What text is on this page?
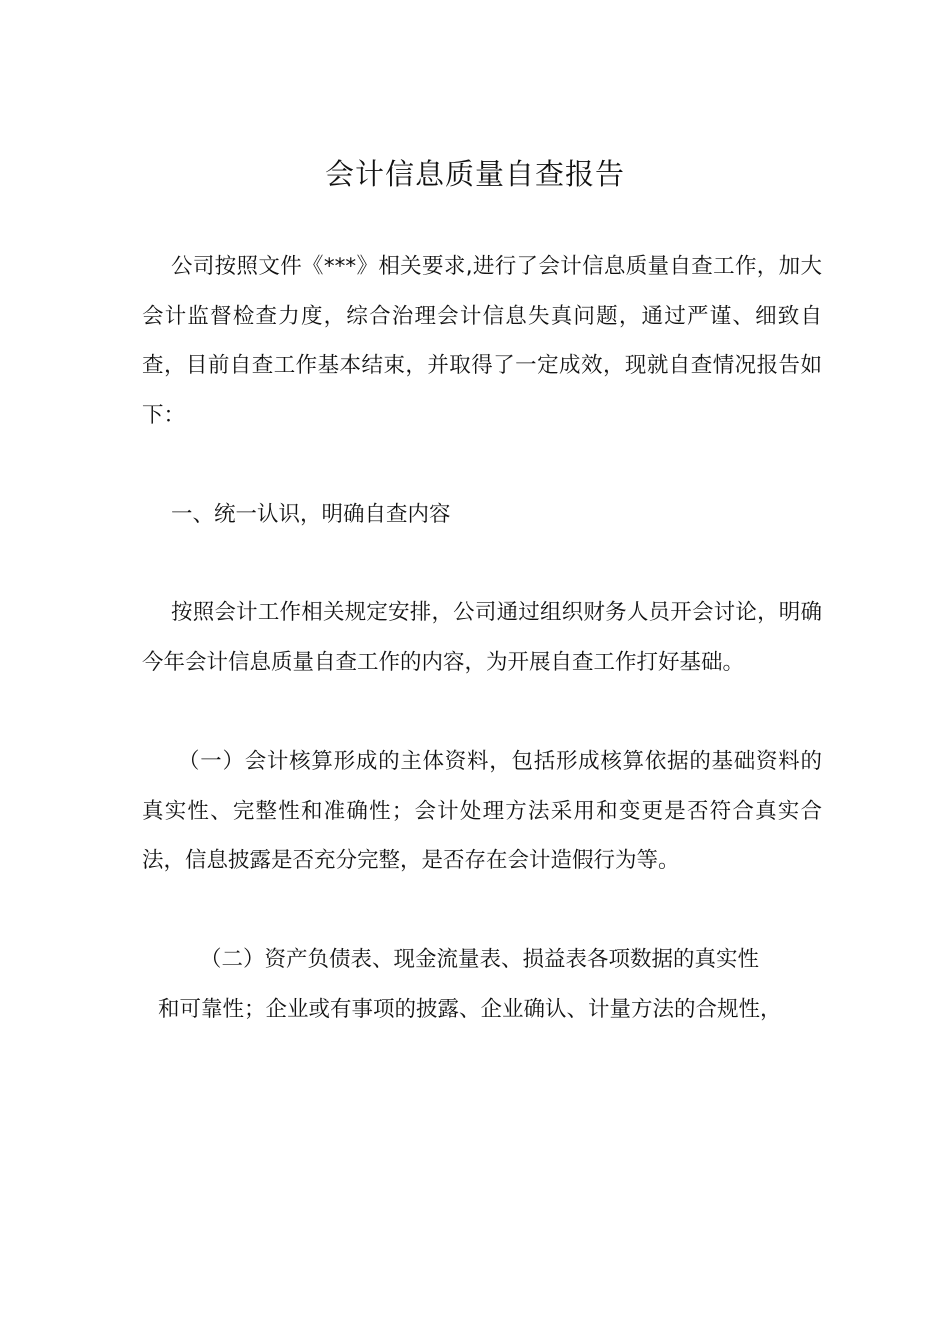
会计信息质量自查报告

公司按照文件《***》相关要求,进行了会计信息质量自查工作，加大会计监督检查力度，综合治理会计信息失真问题，通过严谨、细致自查，目前自查工作基本结束，并取得了一定成效，现就自查情况报告如下：

一、统一认识，明确自查内容

按照会计工作相关规定安排，公司通过组织财务人员开会讨论，明确今年会计信息质量自查工作的内容，为开展自查工作打好基础。

（一）会计核算形成的主体资料，包括形成核算依据的基础资料的真实性、完整性和准确性；会计处理方法采用和变更是否符合真实合法，信息披露是否充分完整，是否存在会计造假行为等。

（二）资产负债表、现金流量表、损益表各项数据的真实性

和可靠性；企业或有事项的披露、企业确认、计量方法的合规性，
